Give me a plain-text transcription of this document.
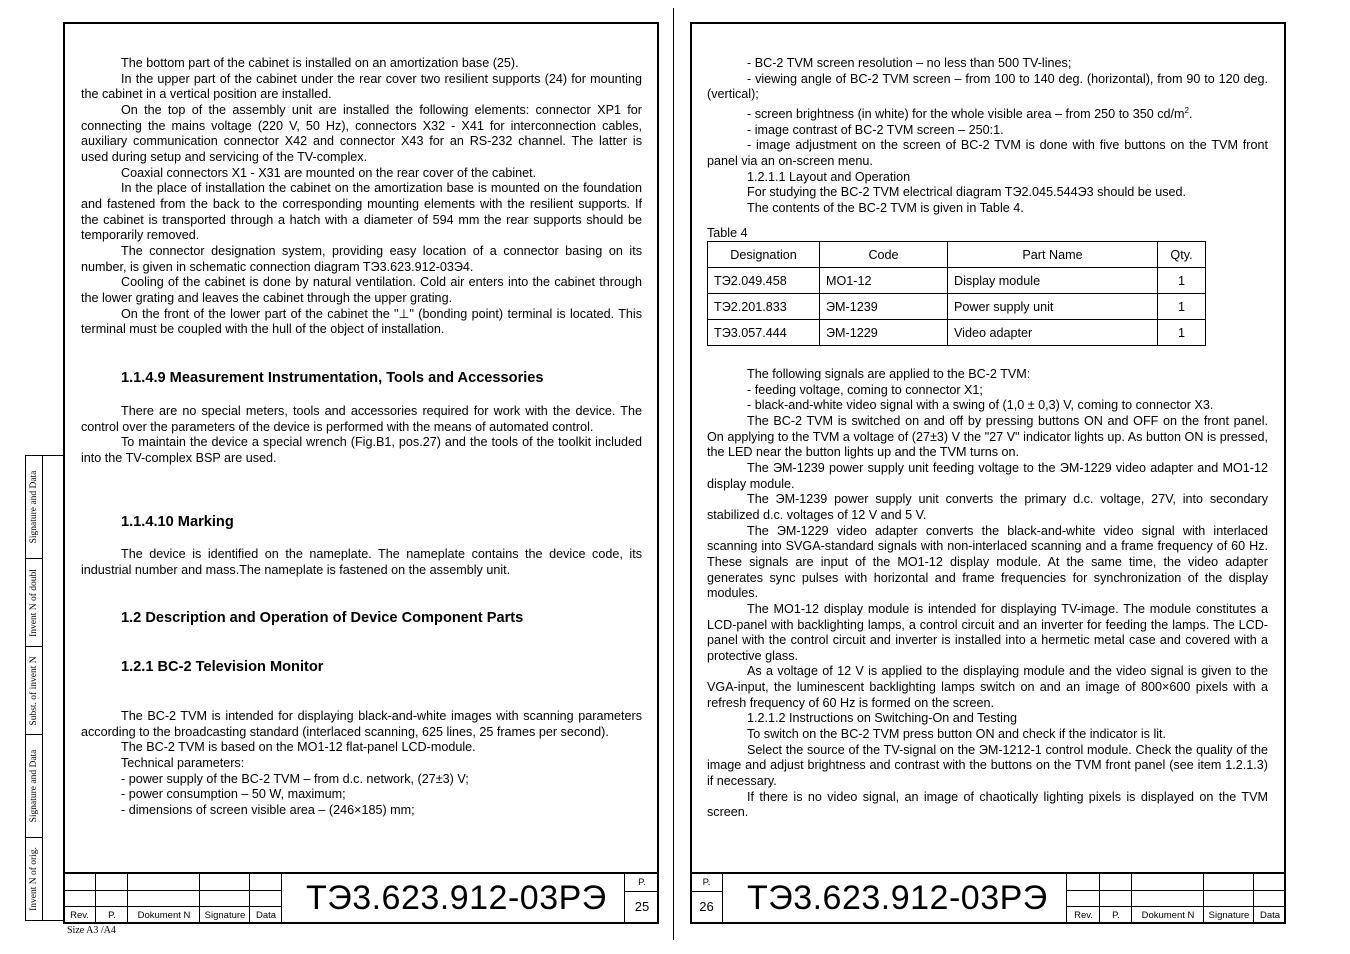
Signature and Data
Invent N of doubl
Subst. of invent N
Signature and Data
Invent N of orig.

The bottom part of the cabinet is installed on an amortization base (25).

In the upper part of the cabinet under the rear cover two resilient supports (24) for mounting the cabinet in a vertical position are installed.

On the top of the assembly unit are installed the following elements: connector XP1 for connecting the mains voltage (220 V, 50 Hz), connectors X32 - X41 for interconnection cables, auxiliary communication connector X42 and connector X43 for an RS-232 channel. The latter is used during setup and servicing of the TV-complex.

Coaxial connectors X1 - X31 are mounted on the rear cover of the cabinet.

In the place of installation the cabinet on the amortization base is mounted on the foundation and fastened from the back to the corresponding mounting elements with the resilient supports. If the cabinet is transported through a hatch with a diameter of 594 mm the rear supports should be temporarily removed.

The connector designation system, providing easy location of a connector basing on its number, is given in schematic connection diagram TЭ3.623.912-03Э4.

Cooling of the cabinet is done by natural ventilation. Cold air enters into the cabinet through the lower grating and leaves the cabinet through the upper grating.

On the front of the lower part of the cabinet the "⊥" (bonding point) terminal is located. This terminal must be coupled with the hull of the object of installation.

1.1.4.9 Measurement Instrumentation, Tools and Accessories

There are no special meters, tools and accessories required for work with the device. The control over the parameters of the device is performed with the means of automated control.

To maintain the device a special wrench (Fig.B1, pos.27) and the tools of the toolkit included into the TV-complex BSP are used.

1.1.4.10 Marking

The device is identified on the nameplate. The nameplate contains the device code, its industrial number and mass.The nameplate is fastened on the assembly unit.

1.2 Description and Operation of Device Component Parts
1.2.1 BC-2 Television Monitor

The BC-2 TVM is intended for displaying black-and-white images with scanning parameters according to the broadcasting standard (interlaced scanning, 625 lines, 25 frames per second).

The BC-2 TVM is based on the MO1-12 flat-panel LCD-module.

Technical parameters:

- power supply of the BC-2 TVM – from d.c. network, (27±3) V;

- power consumption – 50 W, maximum;

- dimensions of screen visible area – (246×185) mm;

Rev.	P.	Dokument N	Signature	Data TЭ3.623.912-03PЭ	P.
25
Size A3 /A4

- BC-2 TVM screen resolution – no less than 500 TV-lines;

- viewing angle of BC-2 TVM screen – from 100 to 140 deg. (horizontal), from 90 to 120 deg. (vertical);

- screen brightness (in white) for the whole visible area – from 250 to 350 $cd/m^2$.

- image contrast of BC-2 TVM screen – 250:1.

- image adjustment on the screen of BC-2 TVM is done with five buttons on the TVM front panel via an on-screen menu.

1.2.1.1 Layout and Operation

For studying the BC-2 TVM electrical diagram TЭ2.045.544Э3 should be used.

The contents of the BC-2 TVM is given in Table 4.

Table 4
Designation	Code	Part Name	Qty.
TЭ2.049.458	MO1-12	Display module	1
TЭ2.201.833	ЭM-1239	Power supply unit	1
TЭ3.057.444	ЭM-1229	Video adapter	1

The following signals are applied to the BC-2 TVM:

- feeding voltage, coming to connector X1;

- black-and-white video signal with a swing of (1,0 ± 0,3) V, coming to connector X3.

The BC-2 TVM is switched on and off by pressing buttons ON and OFF on the front panel. On applying to the TVM a voltage of (27±3) V the "27 V" indicator lights up. As button ON is pressed, the LED near the button lights up and the TVM turns on.

The ЭM-1239 power supply unit feeding voltage to the ЭM-1229 video adapter and MO1-12 display module.

The ЭM-1239 power supply unit converts the primary d.c. voltage, 27V, into secondary stabilized d.c. voltages of 12 V and 5 V.

The ЭM-1229 video adapter converts the black-and-white video signal with interlaced scanning into SVGA-standard signals with non-interlaced scanning and a frame frequency of 60 Hz. These signals are input of the MO1-12 display module. At the same time, the video adapter generates sync pulses with horizontal and frame frequencies for synchronization of the display modules.

The MO1-12 display module is intended for displaying TV-image. The module constitutes a LCD-panel with backlighting lamps, a control circuit and an inverter for feeding the lamps. The LCD-panel with the control circuit and inverter is installed into a hermetic metal case and covered with a protective glass.

As a voltage of 12 V is applied to the displaying module and the video signal is given to the VGA-input, the luminescent backlighting lamps switch on and an image of 800×600 pixels with a refresh frequency of 60 Hz is formed on the screen.

1.2.1.2 Instructions on Switching-On and Testing

To switch on the BC-2 TVM press button ON and check if the indicator is lit.

Select the source of the TV-signal on the ЭM-1212-1 control module. Check the quality of the image and adjust brightness and contrast with the buttons on the TVM front panel (see item 1.2.1.3) if necessary.

If there is no video signal, an image of chaotically lighting pixels is displayed on the TVM screen.

P.
26 TЭ3.623.912-03PЭ	Rev.	P.	Dokument N	Signature	Data
